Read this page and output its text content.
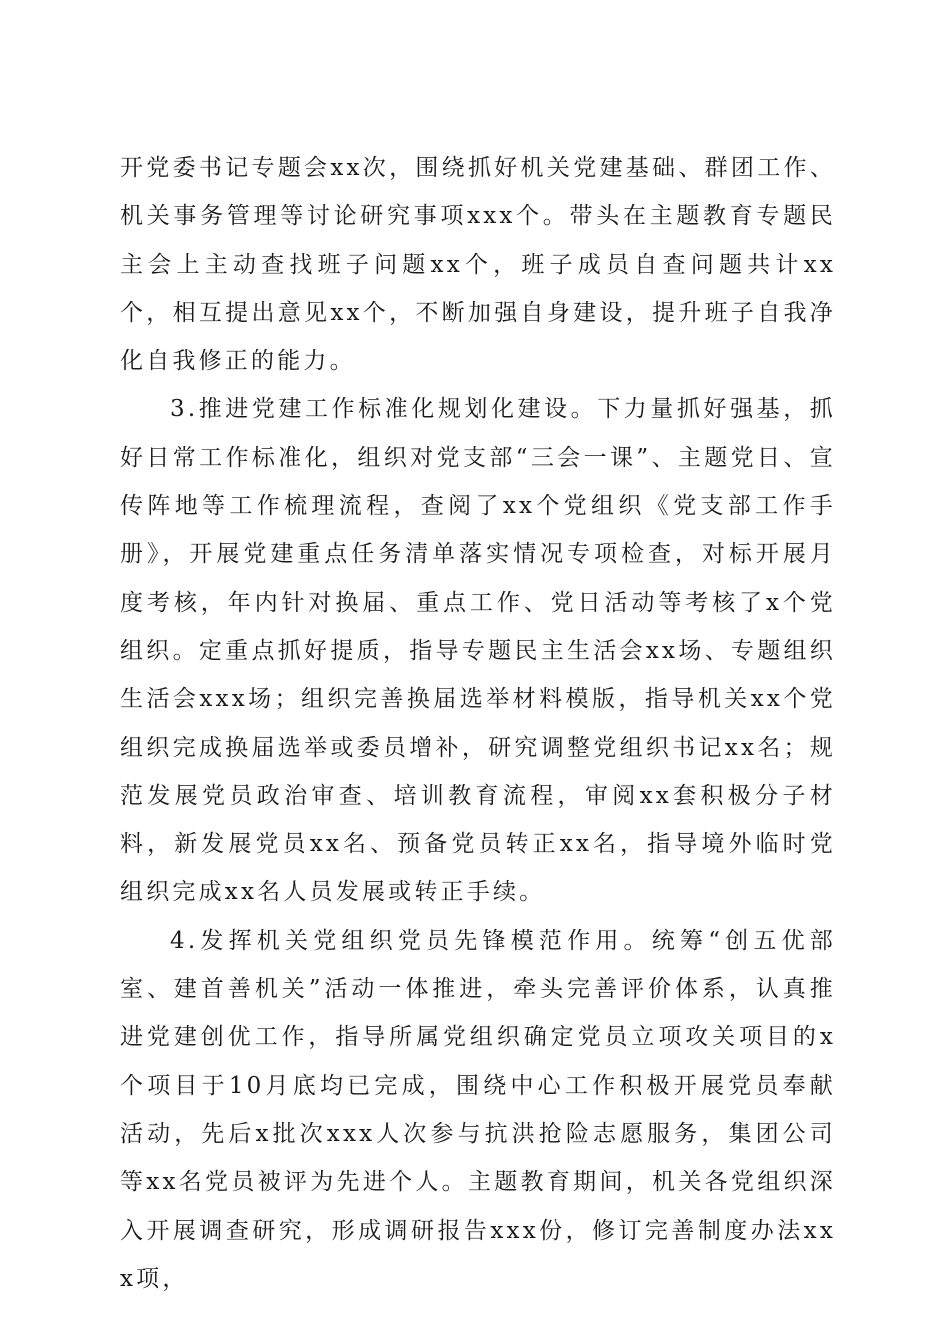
开党委书记专题会xx次，围绕抓好机关党建基础、群团工作、机关事务管理等讨论研究事项xxx个。带头在主题教育专题民主会上主动查找班子问题xx个，班子成员自查问题共计xx个，相互提出意见xx个，不断加强自身建设，提升班子自我净化自我修正的能力。

3.推进党建工作标准化规划化建设。下力量抓好强基，抓好日常工作标准化，组织对党支部“三会一课”、主题党日、宣传阵地等工作梳理流程，查阅了xx个党组织《党支部工作手册》，开展党建重点任务清单落实情况专项检查，对标开展月度考核，年内针对换届、重点工作、党日活动等考核了x个党组织。定重点抓好提质，指导专题民主生活会xx场、专题组织生活会xxx场；组织完善换届选举材料模版，指导机关xx个党组织完成换届选举或委员增补，研究调整党组织书记xx名；规范发展党员政治审查、培训教育流程，审阅xx套积极分子材料，新发展党员xx名、预备党员转正xx名，指导境外临时党组织完成xx名人员发展或转正手续。

4.发挥机关党组织党员先锋模范作用。统筹“创五优部室、建首善机关”活动一体推进，牵头完善评价体系，认真推进党建创优工作，指导所属党组织确定党员立项攻关项目的x个项目于10月底均已完成，围绕中心工作积极开展党员奉献活动，先后x批次xxx人次参与抗洪抢险志愿服务，集团公司等xx名党员被评为先进个人。主题教育期间，机关各党组织深入开展调查研究，形成调研报告xxx份，修订完善制度办法xxx项，
